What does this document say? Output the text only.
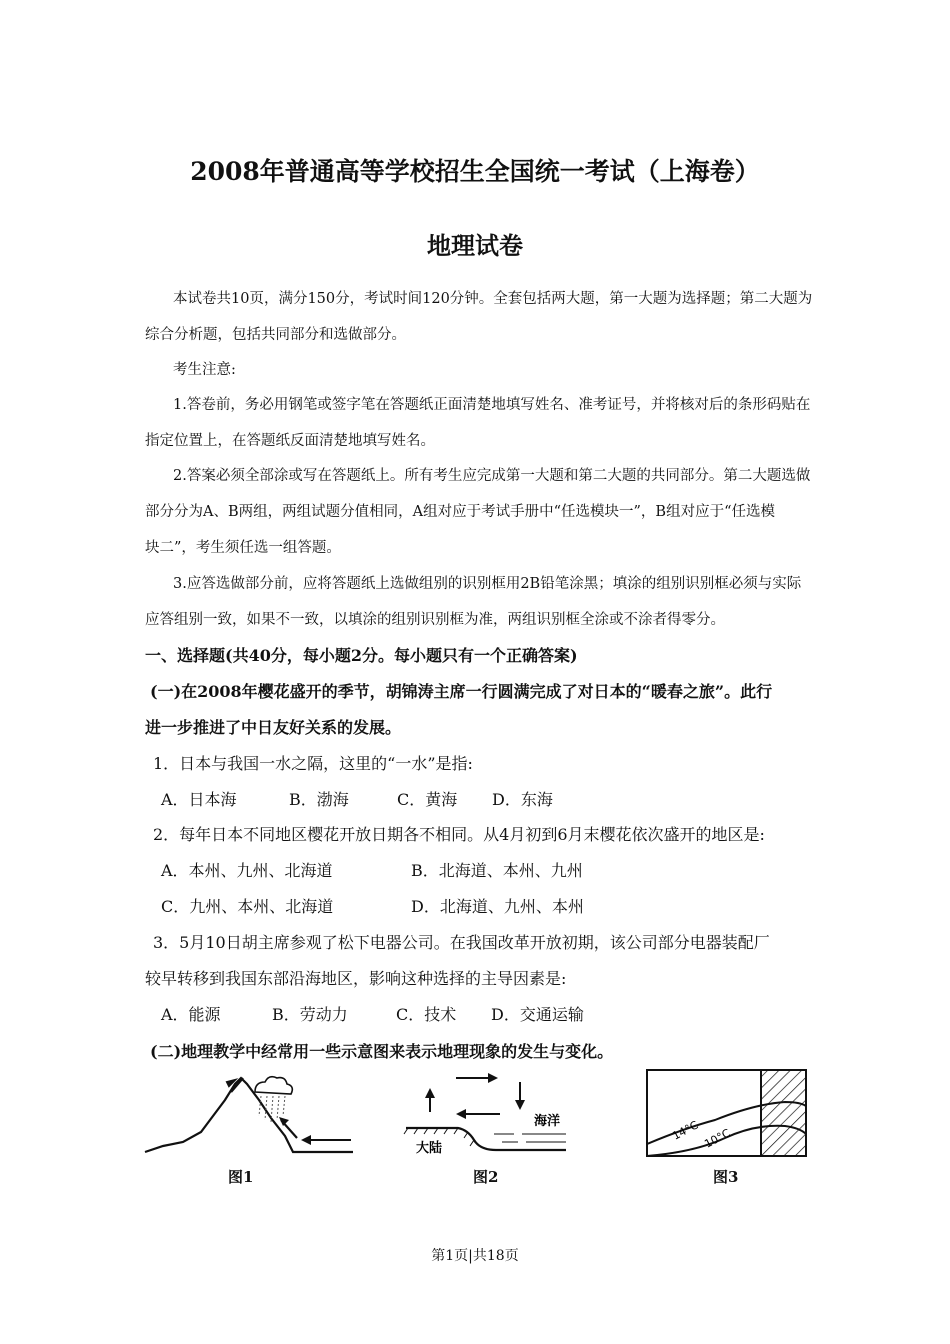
2008年普通高等学校招生全国统一考试（上海卷）
地理试卷
本试卷共10页，满分150分，考试时间120分钟。全套包括两大题，第一大题为选择题；第二大题为
综合分析题，包括共同部分和选做部分。
考生注意:
1.答卷前，务必用钢笔或签字笔在答题纸正面清楚地填写姓名、准考证号，并将核对后的条形码贴在
指定位置上，在答题纸反面清楚地填写姓名。
2.答案必须全部涂或写在答题纸上。所有考生应完成第一大题和第二大题的共同部分。第二大题选做
部分分为A、B两组，两组试题分值相同，A组对应于考试手册中“任选模块一”，B组对应于“任选模
块二”，考生须任选一组答题。
3.应答选做部分前，应将答题纸上选做组别的识别框用2B铅笔涂黑；填涂的组别识别框必须与实际
应答组别一致，如果不一致，以填涂的组别识别框为准，两组识别框全涂或不涂者得零分。
一、选择题(共40分，每小题2分。每小题只有一个正确答案)
(一)在2008年樱花盛开的季节，胡锦涛主席一行圆满完成了对日本的“暖春之旅”。此行
进一步推进了中日友好关系的发展。
1．日本与我国一水之隔，这里的“一水”是指:
A．日本海	B．渤海	C．黄海 D．东海
2．每年日本不同地区樱花开放日期各不相同。从4月初到6月末樱花依次盛开的地区是:
A．本州、九州、北海道	B．北海道、本州、九州
C．九州、本州、北海道	D．北海道、九州、本州
3．5月10日胡主席参观了松下电器公司。在我国改革开放初期，该公司部分电器装配厂
较早转移到我国东部沿海地区，影响这种选择的主导因素是:
A．能源	B．劳动力	C．技术 D．交通运输
(二)地理教学中经常用一些示意图来表示地理现象的发生与变化。
海洋
大陆
14°C 10°C
图1	图2	图3
第1页|共18页
